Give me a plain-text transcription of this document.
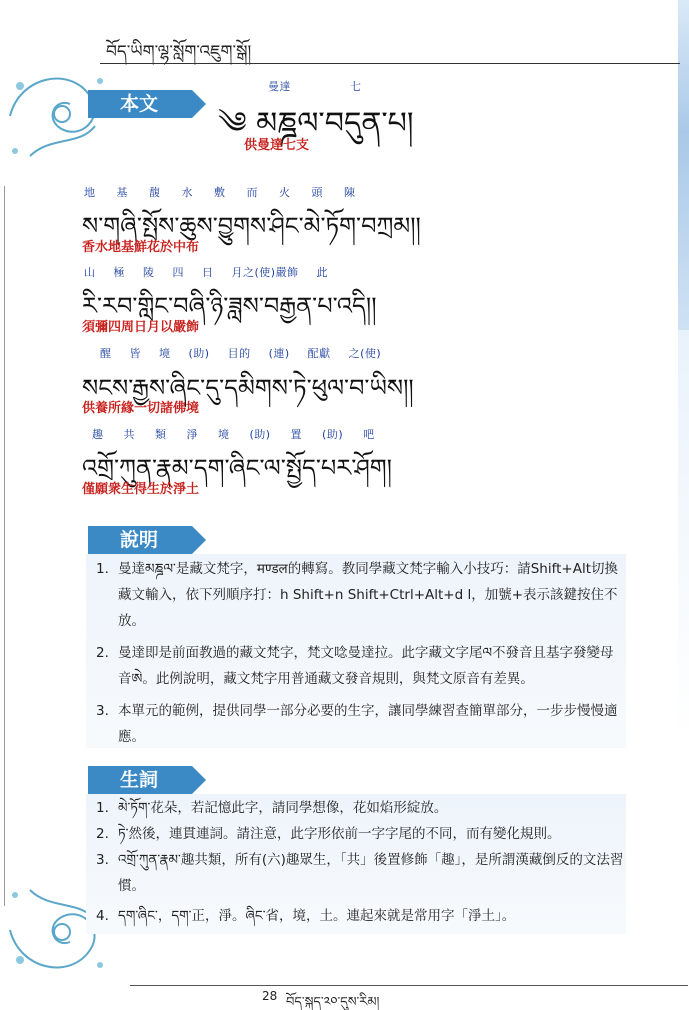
བོད་ཡིག་ལྷ་སློག་འཇུག་སྒོ།
本文
曼達	七
༄ མཎྜལ་བདུན་པ།
供曼達七支
地 基 馥 水 敷 而 火 頭 陳
ས་གཞི་སྤོས་ཆུས་བྱུགས་ཤིང་མེ་ཏོག་བཀྲམ།།
香水地基鮮花於中布
山 極 陵 四 日 月之(使)嚴飾 此
རི་རབ་གླིང་བཞི་ཉི་ཟླས་བརྒྱན་པ་འདི།།
須彌四周日月以嚴飾
醒 皆 境 (助) 目的 (連) 配獻 之(使)
སངས་རྒྱས་ཞིང་དུ་དམིགས་ཏེ་ཕུལ་བ་ཡིས།།
供養所緣一切諸佛境
趣 共 類 淨 境 (助) 置 (助) 吧
འགྲོ་ཀུན་རྣམ་དག་ཞིང་ལ་སྤྱོད་པར་ཤོག།
僅願衆生得生於淨土
說明
1. 曼達མཎྜལ་是藏文梵字，मण्डल的轉寫。教同學藏文梵字輸入小技巧：請Shift+Alt切換藏文輸入，依下列順序打：h Shift+n Shift+Ctrl+Alt+d l，加號+表示該鍵按住不放。
2. 曼達即是前面教過的藏文梵字，梵文唸曼達拉。此字藏文字尾ལ不發音且基字發變母音ཨེ。此例說明，藏文梵字用普通藏文發音規則，與梵文原音有差異。
3. 本單元的範例，提供同學一部分必要的生字，讓同學練習查簡單部分，一步步慢慢適應。
生詞
1. མེ་ཏོག་花朵，若記憶此字，請同學想像，花如焰形綻放。
2. ཏེ་然後，連貫連詞。請注意，此字形依前一字字尾的不同，而有變化規則。
3. འགྲོ་ཀུན་རྣམ་趣共類，所有(六)趣眾生，「共」後置修飾「趣」，是所謂漢藏倒反的文法習慣。
4. དག་ཞིང་，དག་正，淨。ཞིང་省，境，土。連起來就是常用字「淨土」。
28 བོད་སྐད་༢༠་དུས་རིམ།
